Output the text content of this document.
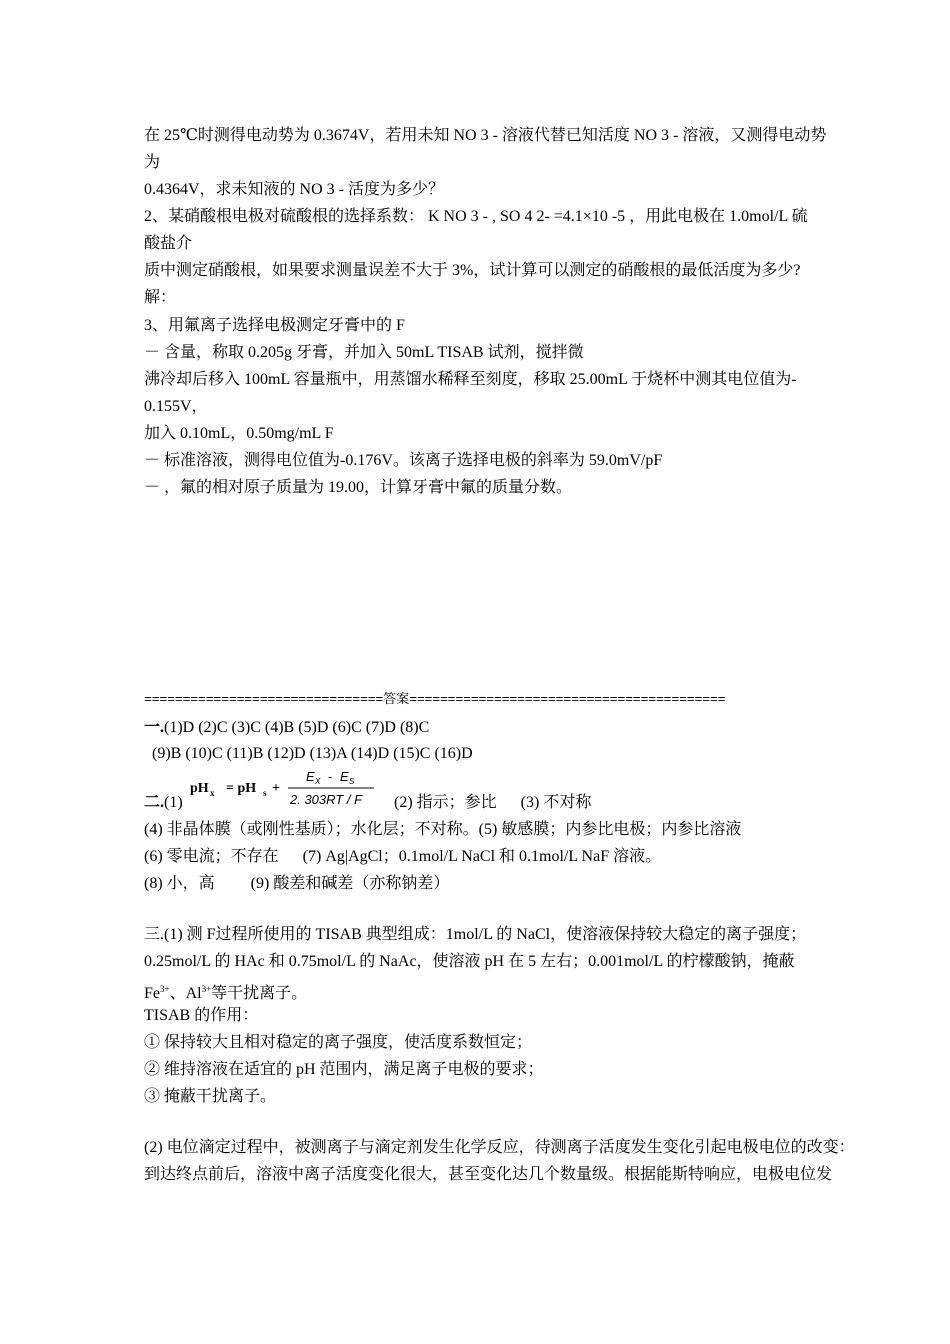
在 25℃时测得电动势为 0.3674V，若用未知 NO 3 - 溶液代替已知活度 NO 3 - 溶液，又测得电动势
为
0.4364V，求未知液的 NO 3 - 活度为多少？
2、某硝酸根电极对硫酸根的选择系数： K NO 3 - , SO 4 2- =4.1×10 -5 ，用此电极在 1.0mol/L 硫
酸盐介
质中测定硝酸根，如果要求测量误差不大于 3%，试计算可以测定的硝酸根的最低活度为多少?
解：
3、用氟离子选择电极测定牙膏中的 F
－ 含量，称取 0.205g 牙膏，并加入 50mL TISAB 试剂，搅拌微
沸冷却后移入 100mL 容量瓶中，用蒸馏水稀释至刻度，移取 25.00mL 于烧杯中测其电位值为-
0.155V，
加入 0.10mL，0.50mg/mL F
－ 标准溶液，测得电位值为-0.176V。该离子选择电极的斜率为 59.0mV/pF
－ ，氟的相对原子质量为 19.00，计算牙膏中氟的质量分数。
===============================答案=========================================
一.(1)D (2)C (3)C (4)B (5)D (6)C (7)D (8)C
(9)B (10)C (11)B (12)D (13)A (14)D (15)C (16)D
二.(1)
pH x = pH s +
E X - E S
2. 303RT / F (2) 指示；参比      (3) 不对称
(4) 非晶体膜（或刚性基质）；水化层；不对称。(5) 敏感膜；内参比电极；内参比溶液
(6) 零电流；不存在      (7) Ag|AgCl；0.1mol/L NaCl 和 0.1mol/L NaF 溶液。
(8) 小，高         (9) 酸差和碱差（亦称钠差）
三.(1) 测 F过程所使用的 TISAB 典型组成：1mol/L 的 NaCl，使溶液保持较大稳定的离子强度；
0.25mol/L 的 HAc 和 0.75mol/L 的 NaAc，使溶液 pH 在 5 左右；0.001mol/L 的柠檬酸钠，掩蔽
$Fe^{3+}$、$Al^{3+}$等干扰离子。
TISAB 的作用：
① 保持较大且相对稳定的离子强度，使活度系数恒定；
② 维持溶液在适宜的 pH 范围内，满足离子电极的要求；
③ 掩蔽干扰离子。
(2) 电位滴定过程中，被测离子与滴定剂发生化学反应，待测离子活度发生变化引起电极电位的改变：
到达终点前后，溶液中离子活度变化很大，甚至变化达几个数量级。根据能斯特响应，电极电位发
